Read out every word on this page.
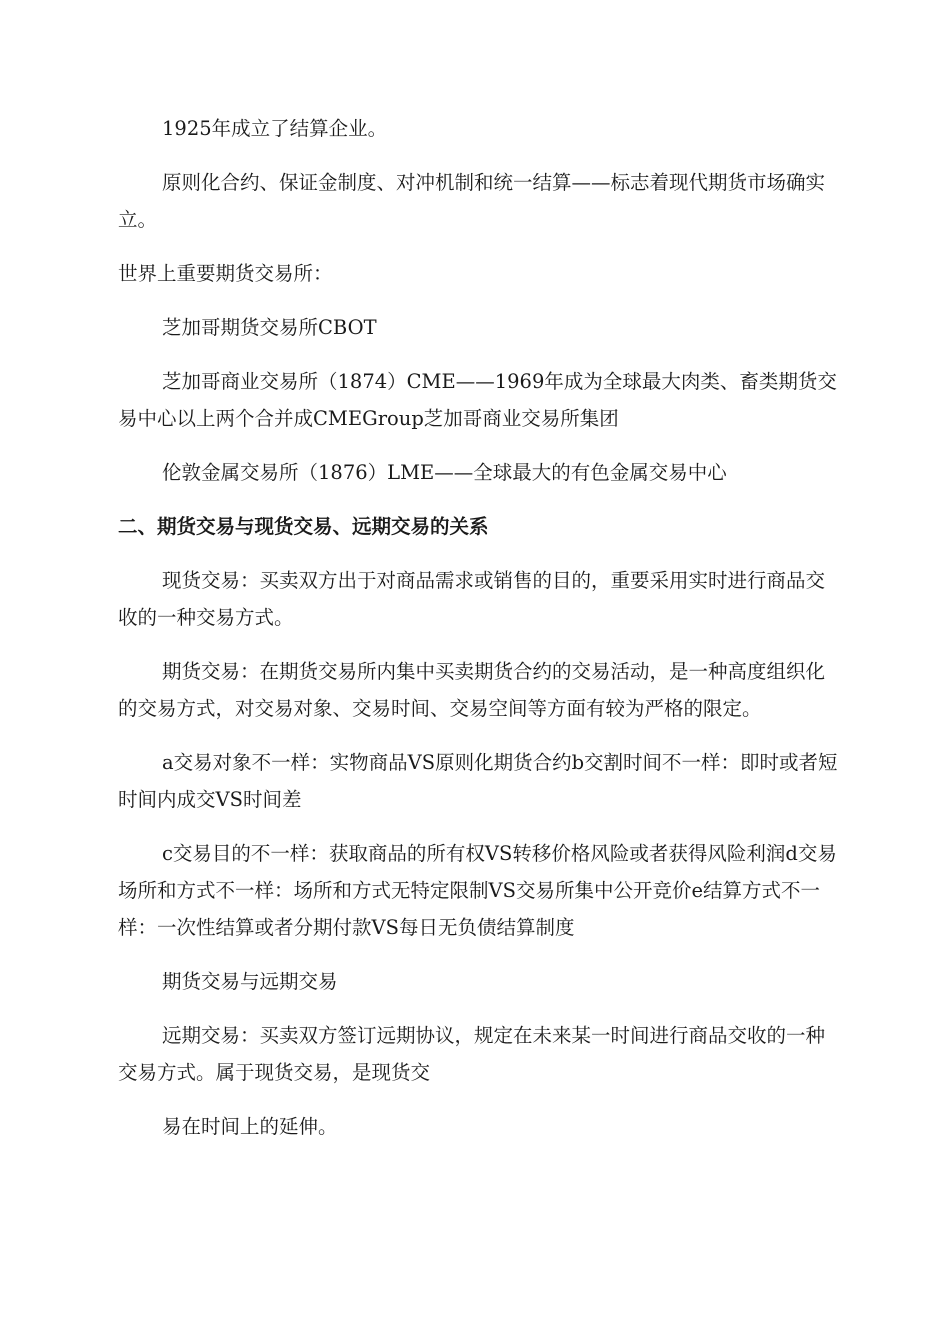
1925年成立了结算企业。

原则化合约、保证金制度、对冲机制和统一结算——标志着现代期货市场确实立。

世界上重要期货交易所：

芝加哥期货交易所CBOT

芝加哥商业交易所（1874）CME——1969年成为全球最大肉类、畜类期货交易中心以上两个合并成CMEGroup芝加哥商业交易所集团

伦敦金属交易所（1876）LME——全球最大的有色金属交易中心

二、期货交易与现货交易、远期交易的关系

现货交易：买卖双方出于对商品需求或销售的目的，重要采用实时进行商品交收的一种交易方式。

期货交易：在期货交易所内集中买卖期货合约的交易活动，是一种高度组织化的交易方式，对交易对象、交易时间、交易空间等方面有较为严格的限定。

a交易对象不一样：实物商品VS原则化期货合约b交割时间不一样：即时或者短时间内成交VS时间差

c交易目的不一样：获取商品的所有权VS转移价格风险或者获得风险利润d交易场所和方式不一样：场所和方式无特定限制VS交易所集中公开竞价e结算方式不一样：一次性结算或者分期付款VS每日无负债结算制度

期货交易与远期交易

远期交易：买卖双方签订远期协议，规定在未来某一时间进行商品交收的一种交易方式。属于现货交易，是现货交

易在时间上的延伸。
